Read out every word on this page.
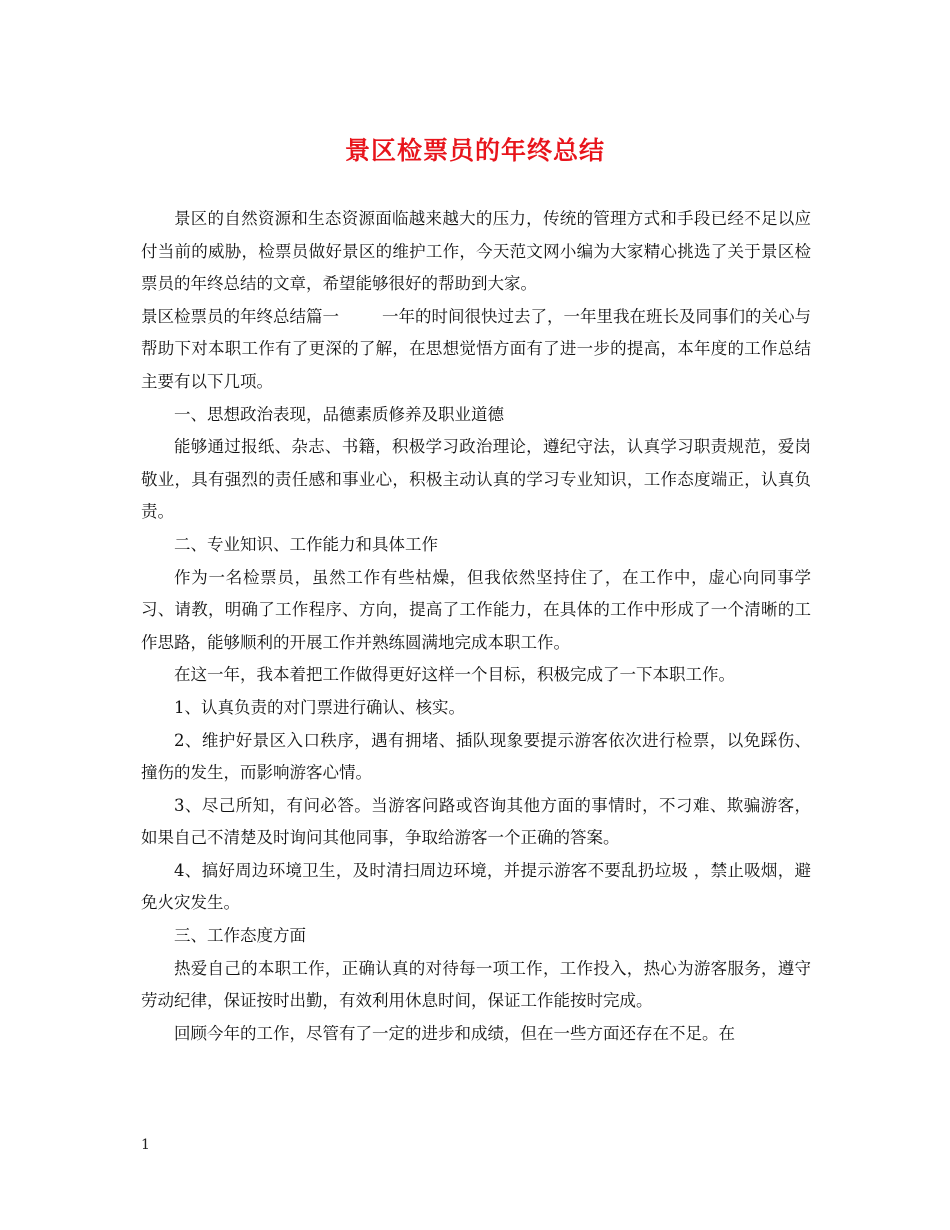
景区检票员的年终总结

景区的自然资源和生态资源面临越来越大的压力，传统的管理方式和手段已经不足以应付当前的威胁，检票员做好景区的维护工作，今天范文网小编为大家精心挑选了关于景区检票员的年终总结的文章，希望能够很好的帮助到大家。

景区检票员的年终总结篇一	一年的时间很快过去了，一年里我在班长及同事们的关心与帮助下对本职工作有了更深的了解，在思想觉悟方面有了进一步的提高，本年度的工作总结主要有以下几项。

一、思想政治表现，品德素质修养及职业道德

能够通过报纸、杂志、书籍，积极学习政治理论，遵纪守法，认真学习职责规范，爱岗敬业，具有强烈的责任感和事业心，积极主动认真的学习专业知识，工作态度端正，认真负责。

二、专业知识、工作能力和具体工作

作为一名检票员，虽然工作有些枯燥，但我依然坚持住了，在工作中，虚心向同事学习、请教，明确了工作程序、方向，提高了工作能力，在具体的工作中形成了一个清晰的工作思路，能够顺利的开展工作并熟练圆满地完成本职工作。

在这一年，我本着把工作做得更好这样一个目标，积极完成了一下本职工作。

1、认真负责的对门票进行确认、核实。

2、维护好景区入口秩序，遇有拥堵、插队现象要提示游客依次进行检票，以免踩伤、撞伤的发生，而影响游客心情。

3、尽己所知，有问必答。当游客问路或咨询其他方面的事情时，不刁难、欺骗游客，如果自己不清楚及时询问其他同事，争取给游客一个正确的答案。

4、搞好周边环境卫生，及时清扫周边环境，并提示游客不要乱扔垃圾 ，禁止吸烟，避免火灾发生。

三、工作态度方面

热爱自己的本职工作，正确认真的对待每一项工作，工作投入，热心为游客服务，遵守劳动纪律，保证按时出勤，有效利用休息时间，保证工作能按时完成。

回顾今年的工作，尽管有了一定的进步和成绩，但在一些方面还存在不足。在

1
